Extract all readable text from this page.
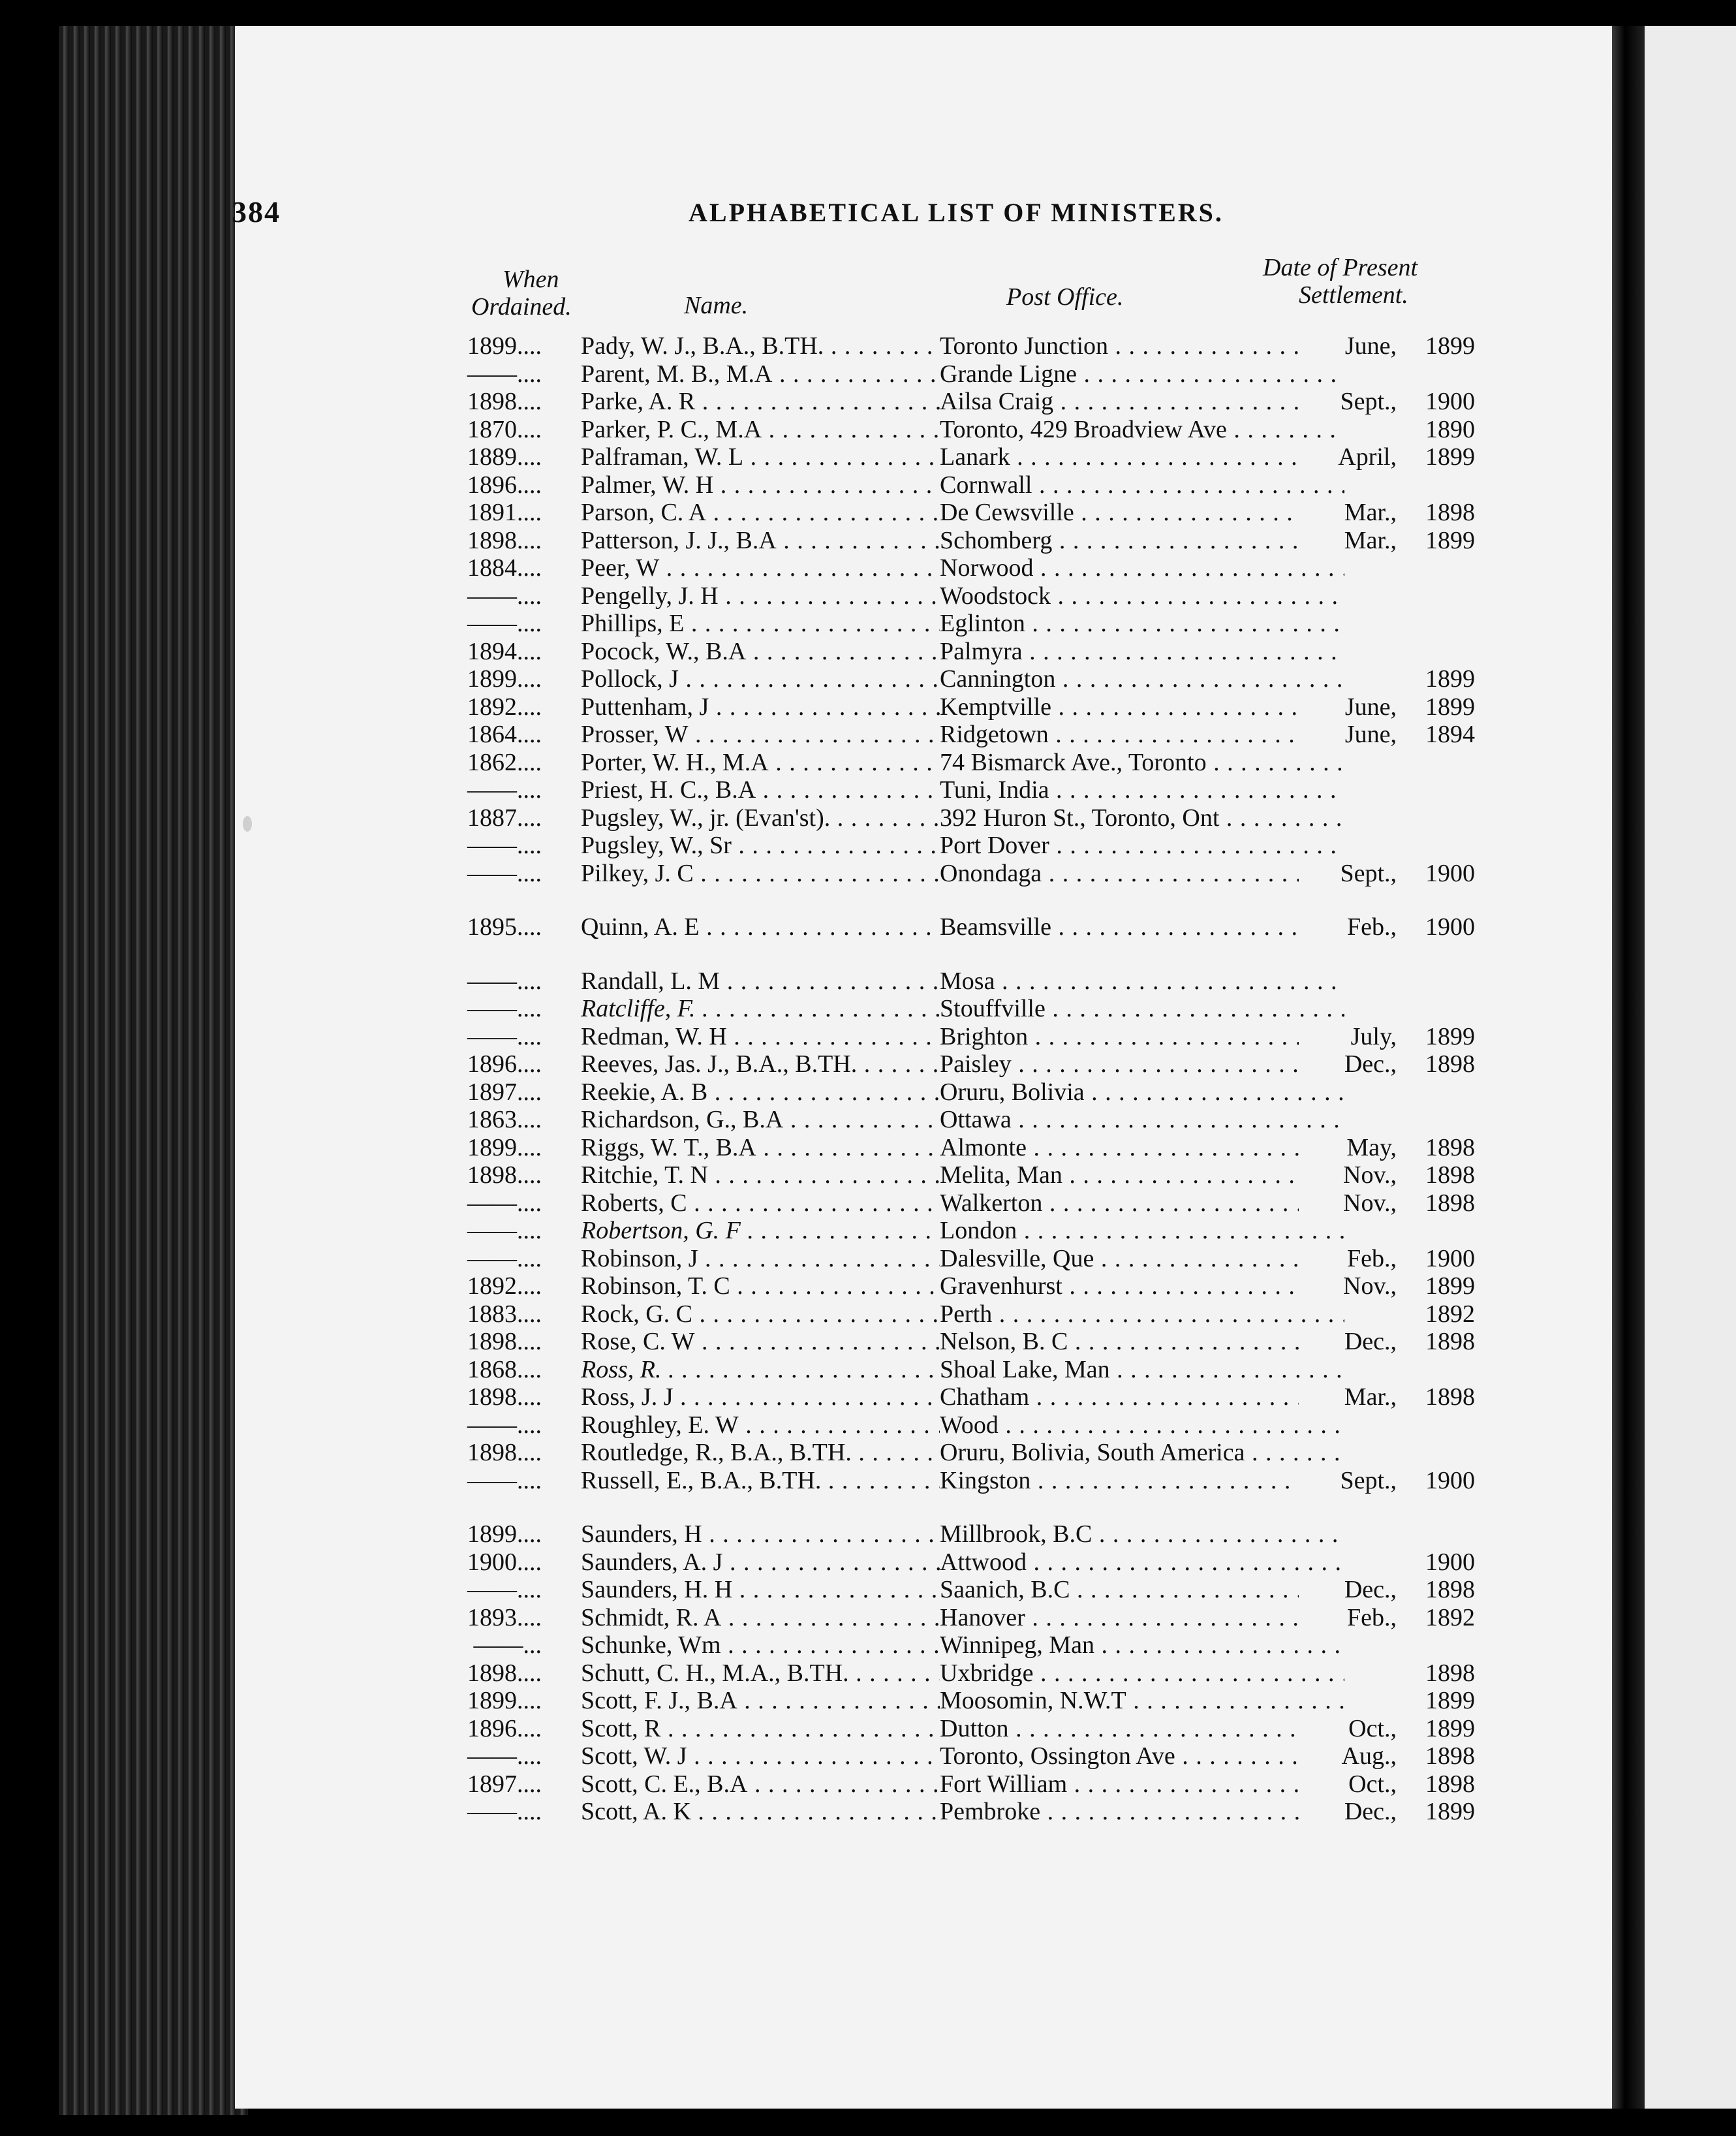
384	ALPHABETICAL LIST OF MINISTERS.
When
Ordained.	Name.	Post Office.
Date of Present
Settlement.
1899.... Pady, W. J., B.A., B.TH. . . .	Toronto Junction . . .	June,	1899
——.... Parent, M. B., M.A . . .	Grande Ligne . . .
1898.... Parke, A. R . . .	Ailsa Craig . . .	Sept.,	1900
1870.... Parker, P. C., M.A . . .	Toronto, 429 Broadview Ave . . .	1890
1889.... Palframan, W. L . . .	Lanark . . .	April,	1899
1896.... Palmer, W. H . . .	Cornwall . . .
1891.... Parson, C. A . . .	De Cewsville . . .	Mar.,	1898
1898.... Patterson, J. J., B.A . . .	Schomberg . . .	Mar.,	1899
1884.... Peer, W . . .	Norwood . . .
——.... Pengelly, J. H . . .	Woodstock . . .
——.... Phillips, E . . .	Eglinton . . .
1894.... Pocock, W., B.A . . .	Palmyra . . .
1899.... Pollock, J . . .	Cannington . . .	1899
1892.... Puttenham, J . . .	Kemptville . . .	June,	1899
1864.... Prosser, W . . .	Ridgetown . . .	June,	1894
1862.... Porter, W. H., M.A . . .	74 Bismarck Ave., Toronto . . .
——.... Priest, H. C., B.A . . .	Tuni, India . . .
1887.... Pugsley, W., jr. (Evan'st). . . .	392 Huron St., Toronto, Ont . . .
——.... Pugsley, W., Sr . . .	Port Dover . . .
——.... Pilkey, J. C . . .	Onondaga . . .	Sept.,	1900
1895.... Quinn, A. E . . .	Beamsville . . .	Feb.,	1900
——.... Randall, L. M . . .	Mosa . . .
——.... Ratcliffe, F. . . .	Stouffville . . .
——.... Redman, W. H . . .	Brighton . . .	July,	1899
1896.... Reeves, Jas. J., B.A., B.TH. . . .	Paisley . . .	Dec.,	1898
1897.... Reekie, A. B . . .	Oruru, Bolivia . . .
1863.... Richardson, G., B.A . . .	Ottawa . . .
1899.... Riggs, W. T., B.A . . .	Almonte . . .	May,	1898
1898.... Ritchie, T. N . . .	Melita, Man . . .	Nov.,	1898
——.... Roberts, C . . .	Walkerton . . .	Nov.,	1898
——.... Robertson, G. F . . .	London . . .
——.... Robinson, J . . .	Dalesville, Que . . .	Feb.,	1900
1892.... Robinson, T. C . . .	Gravenhurst . . .	Nov.,	1899
1883.... Rock, G. C . . .	Perth . . .	1892
1898.... Rose, C. W . . .	Nelson, B. C . . .	Dec.,	1898
1868.... Ross, R. . . .	Shoal Lake, Man . . .
1898.... Ross, J. J . . .	Chatham . . .	Mar.,	1898
——.... Roughley, E. W . . .	Wood . . .
1898.... Routledge, R., B.A., B.TH. . . .	Oruru, Bolivia, South America . . .
——.... Russell, E., B.A., B.TH. . . .	Kingston . . .	Sept.,	1900
1899.... Saunders, H . . .	Millbrook, B.C . . .
1900.... Saunders, A. J . . .	Attwood . . .	1900
——.... Saunders, H. H . . .	Saanich, B.C . . .	Dec.,	1898
1893.... Schmidt, R. A . . .	Hanover . . .	Feb.,	1892
——... Schunke, Wm . . .	Winnipeg, Man . . .
1898.... Schutt, C. H., M.A., B.TH. . . .	Uxbridge . . .	1898
1899.... Scott, F. J., B.A . . .	Moosomin, N.W.T . . .	1899
1896.... Scott, R . . .	Dutton . . .	Oct.,	1899
——.... Scott, W. J . . .	Toronto, Ossington Ave . . .	Aug.,	1898
1897.... Scott, C. E., B.A . . .	Fort William . . .	Oct.,	1898
——.... Scott, A. K . . .	Pembroke . . .	Dec.,	1899
